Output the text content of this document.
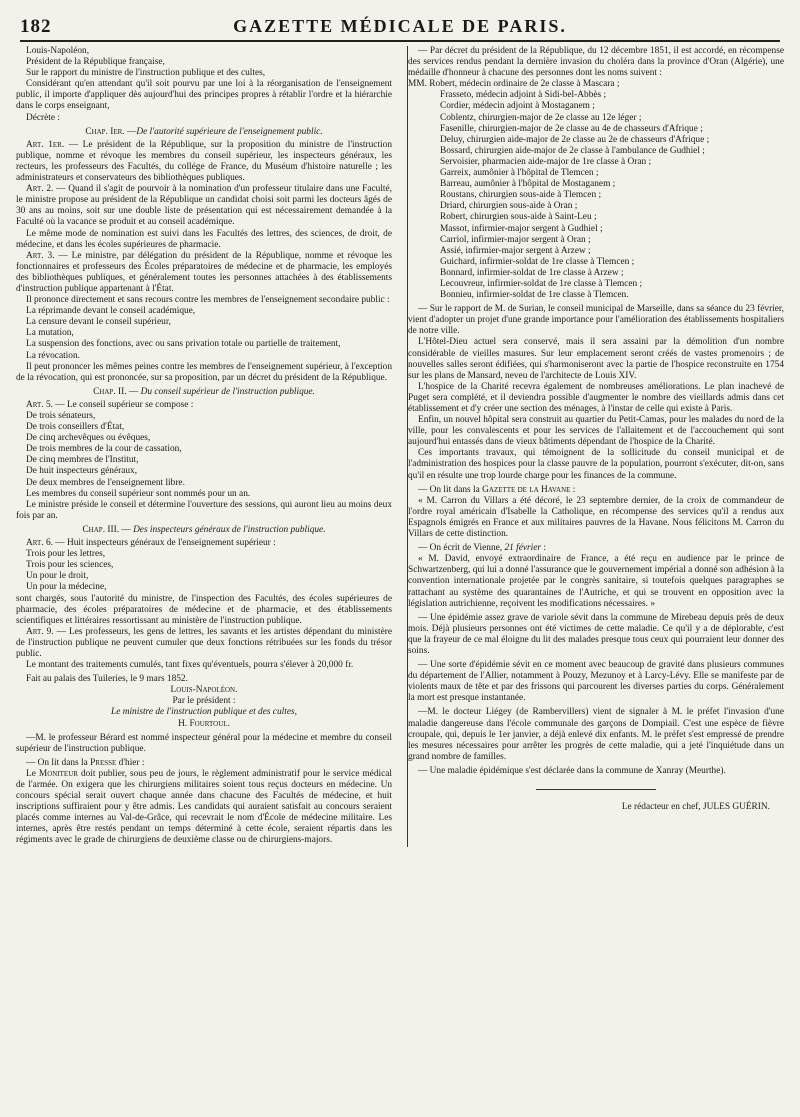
182	GAZETTE MÉDICALE DE PARIS.

Louis-Napoléon,

Président de la République française,

Sur le rapport du ministre de l'instruction publique et des cultes,

Considérant qu'en attendant qu'il soit pourvu par une loi à la réorganisation de l'enseignement public, il importe d'appliquer dès aujourd'hui des principes propres à rétablir l'ordre et la hiérarchie dans le corps enseignant,

Décrète :

Chap. Ier. —De l'autorité supérieure de l'enseignement public.

Art. 1er. — Le président de la République, sur la proposition du ministre de l'instruction publique, nomme et révoque les membres du conseil supérieur, les inspecteurs généraux, les recteurs, les professeurs des Facultés, du collége de France, du Muséum d'histoire naturelle ; les administrateurs et conservateurs des bibliothèques publiques.

Art. 2. — Quand il s'agit de pourvoir à la nomination d'un professeur titulaire dans une Faculté, le ministre propose au président de la République un candidat choisi soit parmi les docteurs âgés de 30 ans au moins, soit sur une double liste de présentation qui est nécessairement demandée à la Faculté où la vacance se produit et au conseil académique.

Le même mode de nomination est suivi dans les Facultés des lettres, des sciences, de droit, de médecine, et dans les écoles supérieures de pharmacie.

Art. 3. — Le ministre, par délégation du président de la République, nomme et révoque les fonctionnaires et professeurs des Écoles préparatoires de médecine et de pharmacie, les employés des bibliothèques publiques, et généralement toutes les personnes attachées à des établissements d'instruction publique appartenant à l'État.

Il prononce directement et sans recours contre les membres de l'enseignement secondaire public :

La réprimande devant le conseil académique,

La censure devant le conseil supérieur,

La mutation,

La suspension des fonctions, avec ou sans privation totale ou partielle de traitement,

La révocation.

Il peut prononcer les mêmes peines contre les membres de l'enseignement supérieur, à l'exception de la révocation, qui est prononcée, sur sa proposition, par un décret du président de la République.

Chap. II. — Du conseil supérieur de l'instruction publique.

Art. 5. — Le conseil supérieur se compose :

De trois sénateurs,

De trois conseillers d'État,

De cinq archevêques ou évêques,

De trois membres de la cour de cassation,

De cinq membres de l'Institut,

De huit inspecteurs généraux,

De deux membres de l'enseignement libre.

Les membres du conseil supérieur sont nommés pour un an.

Le ministre préside le conseil et détermine l'ouverture des sessions, qui auront lieu au moins deux fois par an.

Chap. III. — Des inspecteurs généraux de l'instruction publique.

Art. 6. — Huit inspecteurs généraux de l'enseignement supérieur :

Trois pour les lettres,

Trois pour les sciences,

Un pour le droit,

Un pour la médecine,

sont chargés, sous l'autorité du ministre, de l'inspection des Facultés, des écoles supérieures de pharmacie, des écoles préparatoires de médecine et de pharmacie, et des établissements scientifiques et littéraires ressortissant au ministère de l'instruction publique.

Art. 9. — Les professeurs, les gens de lettres, les savants et les artistes dépendant du ministère de l'instruction publique ne peuvent cumuler que deux fonctions rétribuées sur les fonds du trésor public.

Le montant des traitements cumulés, tant fixes qu'éventuels, pourra s'élever à 20,000 fr.

Fait au palais des Tuileries, le 9 mars 1852.

Louis-Napoléon.

Par le président :

Le ministre de l'instruction publique et des cultes,

H. Fourtoul.

—M. le professeur Bérard est nommé inspecteur général pour la médecine et membre du conseil supérieur de l'instruction publique.

— On lit dans la Presse d'hier :

Le Moniteur doit publier, sous peu de jours, le règlement administratif pour le service médical de l'armée. On exigera que les chirurgiens militaires soient tous reçus docteurs en médecine. Un concours spécial serait ouvert chaque année dans chacune des Facultés de médecine, et huit inscriptions suffiraient pour y être admis. Les candidats qui auraient satisfait au concours seraient placés comme internes au Val-de-Grâce, qui recevrait le nom d'École de médecine militaire. Les internes, après être restés pendant un temps déterminé à cette école, seraient répartis dans les régiments avec le grade de chirurgiens de deuxième classe ou de chirurgiens-majors.

— Par décret du président de la République, du 12 décembre 1851, il est accordé, en récompense des services rendus pendant la dernière invasion du choléra dans la province d'Oran (Algérie), une médaille d'honneur à chacune des personnes dont les noms suivent :

MM. Robert, médecin ordinaire de 2e classe à Mascara ;

Frasseto, médecin adjoint à Sidi-bel-Abbès ;

Cordier, médecin adjoint à Mostaganem ;

Coblentz, chirurgien-major de 2e classe au 12e léger ;

Fasenille, chirurgien-major de 2e classe au 4e de chasseurs d'Afrique ;

Deluy, chirurgien aide-major de 2e classe au 2e de chasseurs d'Afrique ;

Bossard, chirurgien aide-major de 2e classe à l'ambulance de Gudhiel ;

Servoisier, pharmacien aide-major de 1re classe à Oran ;

Garreix, aumônier à l'hôpital de Tlemcen ;

Barreau, aumônier à l'hôpital de Mostaganem ;

Roustans, chirurgien sous-aide à Tlemcen ;

Driard, chirurgien sous-aide à Oran ;

Robert, chirurgien sous-aide à Saint-Leu ;

Massot, infirmier-major sergent à Gudhiel ;

Carriol, infirmier-major sergent à Oran ;

Assié, infirmier-major sergent à Arzew ;

Guichard, infirmier-soldat de 1re classe à Tlemcen ;

Bonnard, infirmier-soldat de 1re classe à Arzew ;

Lecouvreur, infirmier-soldat de 1re classe à Tlemcen ;

Bonnieu, infirmier-soldat de 1re classe à Tlemcen.

— Sur le rapport de M. de Surian, le conseil municipal de Marseille, dans sa séance du 23 février, vient d'adopter un projet d'une grande importance pour l'amélioration des établissements hospitaliers de notre ville.

L'Hôtel-Dieu actuel sera conservé, mais il sera assaini par la démolition d'un nombre considérable de vieilles masures. Sur leur emplacement seront créés de vastes promenoirs ; de nouvelles salles seront édifiées, qui s'harmoniseront avec la partie de l'hospice reconstruite en 1754 sur les plans de Mansard, neveu de l'architecte de Louis XIV.

L'hospice de la Charité recevra également de nombreuses améliorations. Le plan inachevé de Puget sera complété, et il deviendra possible d'augmenter le nombre des vieillards admis dans cet établissement et d'y créer une section des ménages, à l'instar de celle qui existe à Paris.

Enfin, un nouvel hôpital sera construit au quartier du Petit-Camas, pour les malades du nord de la ville, pour les convalescents et pour les services de l'allaitement et de l'accouchement qui sont aujourd'hui entassés dans de vieux bâtiments dépendant de l'hospice de la Charité.

Ces importants travaux, qui témoignent de la sollicitude du conseil municipal et de l'administration des hospices pour la classe pauvre de la population, pourront s'exécuter, dit-on, sans qu'il en résulte une trop lourde charge pour les finances de la commune.

— On lit dans la Gazette de la Havane :

« M. Carron du Villars a été décoré, le 23 septembre dernier, de la croix de commandeur de l'ordre royal américain d'Isabelle la Catholique, en récompense des services qu'il a rendus aux Espagnols émigrés en France et aux militaires pauvres de la Havane. Nous félicitons M. Carron du Villars de cette distinction.

— On écrit de Vienne, 21 février :

« M. David, envoyé extraordinaire de France, a été reçu en audience par le prince de Schwartzenberg, qui lui a donné l'assurance que le gouvernement impérial a donné son adhésion à la convention internationale projetée par le congrès sanitaire, si toutefois quelques paragraphes se rattachant au système des quarantaines de l'Autriche, et qui se trouvent en opposition avec la législation autrichienne, reçoivent les modifications nécessaires. »

— Une épidémie assez grave de variole sévit dans la commune de Mirebeau depuis près de deux mois. Déjà plusieurs personnes ont été victimes de cette maladie. Ce qu'il y a de déplorable, c'est que la frayeur de ce mal éloigne du lit des malades presque tous ceux qui pourraient leur donner des soins.

— Une sorte d'épidémie sévit en ce moment avec beaucoup de gravité dans plusieurs communes du département de l'Allier, notamment à Pouzy, Mezunoy et à Larcy-Lévy. Elle se manifeste par de violents maux de tête et par des frissons qui parcourent les diverses parties du corps. Généralement la mort est presque instantanée.

—M. le docteur Liégey (de Rambervillers) vient de signaler à M. le préfet l'invasion d'une maladie dangereuse dans l'école communale des garçons de Dompiail. C'est une espèce de fièvre croupale, qui, depuis le 1er janvier, a déjà enlevé dix enfants. M. le préfet s'est empressé de prendre les mesures nécessaires pour arrêter les progrès de cette maladie, qui a jeté l'inquiétude dans un grand nombre de familles.

— Une maladie épidémique s'est déclarée dans la commune de Xanray (Meurthe).

Le rédacteur en chef, JULES GUÉRIN.
